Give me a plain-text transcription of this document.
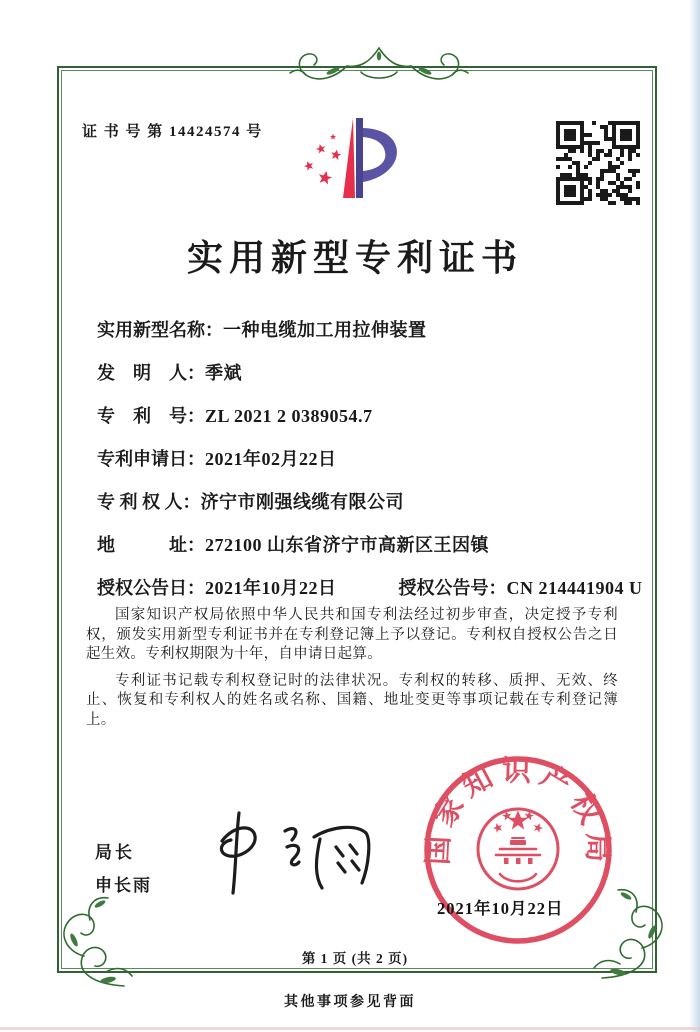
证 书 号 第 14424574 号
实用新型专利证书
实用新型名称：一种电缆加工用拉伸装置
发　明　人：季斌
专　利　号：ZL 2021 2 0389054.7
专利申请日：2021年02月22日
专 利 权 人：济宁市刚强线缆有限公司
地　　　址：272100 山东省济宁市高新区王因镇
授权公告日：2021年10月22日	授权公告号：CN 214441904 U

国家知识产权局依照中华人民共和国专利法经过初步审查，决定授予专利权，颁发实用新型专利证书并在专利登记簿上予以登记。专利权自授权公告之日起生效。专利权期限为十年，自申请日起算。

专利证书记载专利权登记时的法律状况。专利权的转移、质押、无效、终止、恢复和专利权人的姓名或名称、国籍、地址变更等事项记载在专利登记簿上。

局长
申长雨
国家知识产权局
2021年10月22日
第 1 页 (共 2 页)
其他事项参见背面
